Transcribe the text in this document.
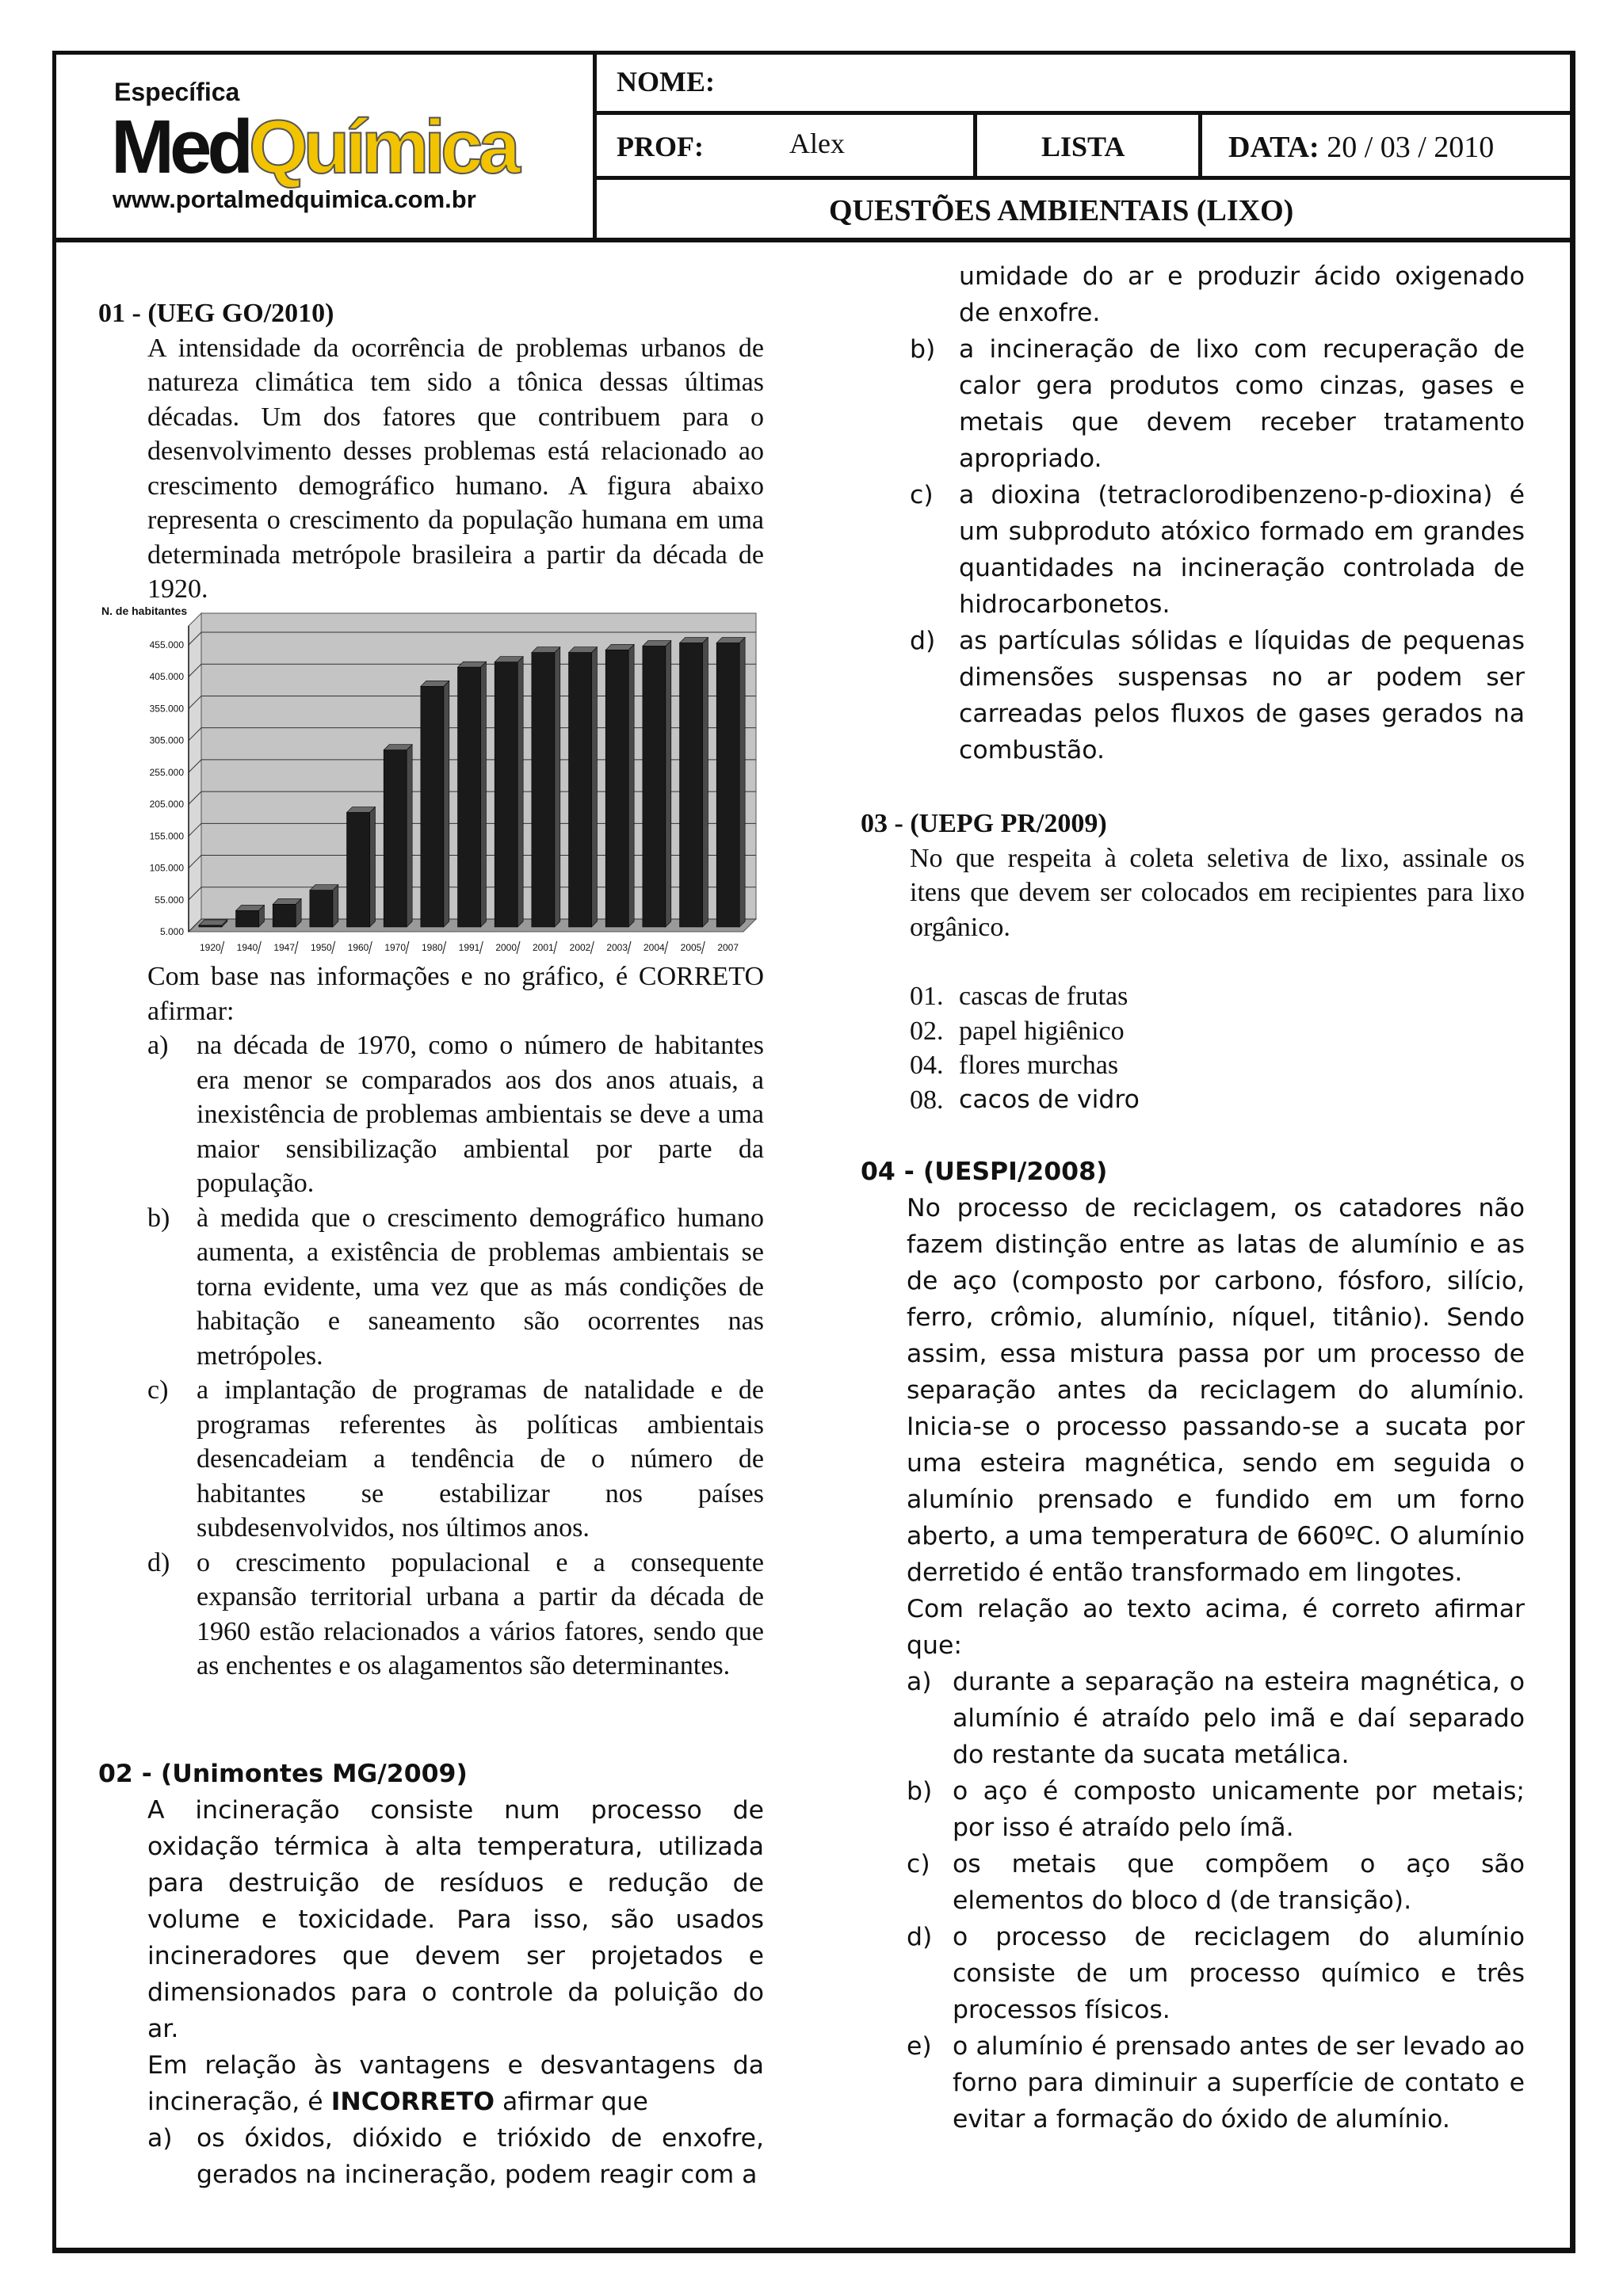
Específica
MedQuímica
www.portalmedquimica.com.br
NOME:
PROF:	Alex	LISTA	DATA: 20 / 03 / 2010
QUESTÕES AMBIENTAIS (LIXO)

01 - (UEG GO/2010)

A intensidade da ocorrência de problemas urbanos de natureza climática tem sido a tônica dessas últimas décadas. Um dos fatores que contribuem para o desenvolvimento desses problemas está relacionado ao crescimento demográfico humano. A figura abaixo representa o crescimento da população humana em uma determinada metrópole brasileira a partir da década de 1920.

N. de habitantes
5.000
55.000
105.000
155.000
205.000
255.000
305.000
355.000
405.000
455.000
1920 1940 1947 1950 1960 1970 1980 1991 2000 2001 2002 2003 2004 2005 2007

Com base nas informações e no gráfico, é CORRETO afirmar:

a) na década de 1970, como o número de habitantes era menor se comparados aos dos anos atuais, a inexistência de problemas ambientais se deve a uma maior sensibilização ambiental por parte da população.
b) à medida que o crescimento demográfico humano aumenta, a existência de problemas ambientais se torna evidente, uma vez que as más condições de habitação e saneamento são ocorrentes nas metrópoles.
c) a implantação de programas de natalidade e de programas referentes às políticas ambientais desencadeiam a tendência de o número de habitantes se estabilizar nos países subdesenvolvidos, nos últimos anos.
d) o crescimento populacional e a consequente expansão territorial urbana a partir da década de 1960 estão relacionados a vários fatores, sendo que as enchentes e os alagamentos são determinantes.

02 - (Unimontes MG/2009)

A incineração consiste num processo de oxidação térmica à alta temperatura, utilizada para destruição de resíduos e redução de volume e toxicidade. Para isso, são usados incineradores que devem ser projetados e dimensionados para o controle da poluição do ar.

Em relação às vantagens e desvantagens da incineração, é INCORRETO afirmar que

a) os óxidos, dióxido e trióxido de enxofre, gerados na incineração, podem reagir com a
umidade do ar e produzir ácido oxigenado de enxofre.
b) a incineração de lixo com recuperação de calor gera produtos como cinzas, gases e metais que devem receber tratamento apropriado.
c) a dioxina (tetraclorodibenzeno-p-dioxina) é um subproduto atóxico formado em grandes quantidades na incineração controlada de hidrocarbonetos.
d) as partículas sólidas e líquidas de pequenas dimensões suspensas no ar podem ser carreadas pelos fluxos de gases gerados na combustão.

03 - (UEPG PR/2009)

No que respeita à coleta seletiva de lixo, assinale os itens que devem ser colocados em recipientes para lixo orgânico.

01. cascas de frutas
02. papel higiênico
04. flores murchas
08. cacos de vidro

04 - (UESPI/2008)

No processo de reciclagem, os catadores não fazem distinção entre as latas de alumínio e as de aço (composto por carbono, fósforo, silício, ferro, crômio, alumínio, níquel, titânio). Sendo assim, essa mistura passa por um processo de separação antes da reciclagem do alumínio. Inicia-se o processo passando-se a sucata por uma esteira magnética, sendo em seguida o alumínio prensado e fundido em um forno aberto, a uma temperatura de 660ºC. O alumínio derretido é então transformado em lingotes.

Com relação ao texto acima, é correto afirmar que:

a) durante a separação na esteira magnética, o alumínio é atraído pelo imã e daí separado do restante da sucata metálica.
b) o aço é composto unicamente por metais; por isso é atraído pelo ímã.
c) os metais que compõem o aço são elementos do bloco d (de transição).
d) o processo de reciclagem do alumínio consiste de um processo químico e três processos físicos.
e) o alumínio é prensado antes de ser levado ao forno para diminuir a superfície de contato e evitar a formação do óxido de alumínio.
